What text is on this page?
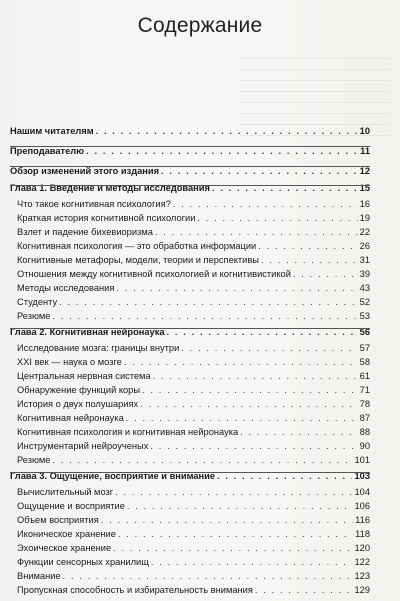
Содержание
Нашим читателям . . .	10
Преподавателю . . .	11
Обзор изменений этого издания . . .	12
Глава 1. Введение и методы исследования . . .	15
Что такое когнитивная психология? . . .	16
Краткая история когнитивной психологии . . .	19
Взлет и падение бихевиоризма . . .	22
Когнитивная психология — это обработка информации . . .	26
Когнитивные метафоры, модели, теории и перспективы . . .	31
Отношения между когнитивной психологией и когнитивистикой . . .	39
Методы исследования . . .	43
Студенту . . .	52
Резюме . . .	53
Глава 2. Когнитивная нейронаука . . .	56
Исследование мозга: границы внутри . . .	57
XXI век — наука о мозге . . .	58
Центральная нервная система . . .	61
Обнаружение функций коры . . .	71
История о двух полушариях . . .	78
Когнитивная нейронаука . . .	87
Когнитивная психология и когнитивная нейронаука . . .	88
Инструментарий нейроученых . . .	90
Резюме . . .	101
Глава 3. Ощущение, восприятие и внимание . . .	103
Вычислительный мозг . . .	104
Ощущение и восприятие . . .	106
Объем восприятия . . .	116
Иконическое хранение . . .	118
Эхоическое хранение . . .	120
Функции сенсорных хранилищ . . .	122
Внимание . . .	123
Пропускная способность и избирательность внимания . . .	129
